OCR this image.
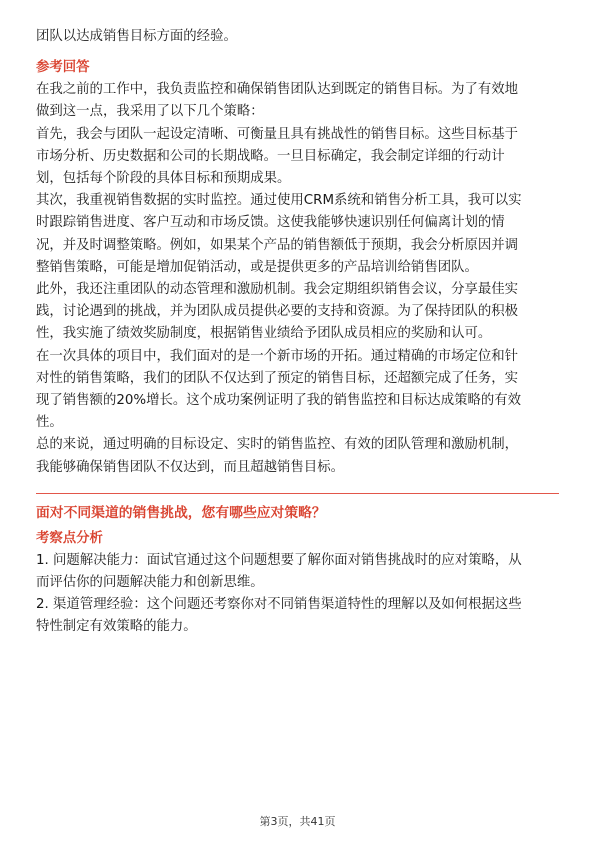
团队以达成销售目标方面的经验。

参考回答

在我之前的工作中，我负责监控和确保销售团队达到既定的销售目标。为了有效地

做到这一点，我采用了以下几个策略：

首先，我会与团队一起设定清晰、可衡量且具有挑战性的销售目标。这些目标基于

市场分析、历史数据和公司的长期战略。一旦目标确定，我会制定详细的行动计

划，包括每个阶段的具体目标和预期成果。

其次，我重视销售数据的实时监控。通过使用CRM系统和销售分析工具，我可以实

时跟踪销售进度、客户互动和市场反馈。这使我能够快速识别任何偏离计划的情

况，并及时调整策略。例如，如果某个产品的销售额低于预期，我会分析原因并调

整销售策略，可能是增加促销活动，或是提供更多的产品培训给销售团队。

此外，我还注重团队的动态管理和激励机制。我会定期组织销售会议，分享最佳实

践，讨论遇到的挑战，并为团队成员提供必要的支持和资源。为了保持团队的积极

性，我实施了绩效奖励制度，根据销售业绩给予团队成员相应的奖励和认可。

在一次具体的项目中，我们面对的是一个新市场的开拓。通过精确的市场定位和针

对性的销售策略，我们的团队不仅达到了预定的销售目标，还超额完成了任务，实

现了销售额的20%增长。这个成功案例证明了我的销售监控和目标达成策略的有效

性。

总的来说，通过明确的目标设定、实时的销售监控、有效的团队管理和激励机制，

我能够确保销售团队不仅达到，而且超越销售目标。

面对不同渠道的销售挑战，您有哪些应对策略？
考察点分析

1. 问题解决能力：面试官通过这个问题想要了解你面对销售挑战时的应对策略，从

而评估你的问题解决能力和创新思维。

2. 渠道管理经验：这个问题还考察你对不同销售渠道特性的理解以及如何根据这些

特性制定有效策略的能力。

第3页，共41页
